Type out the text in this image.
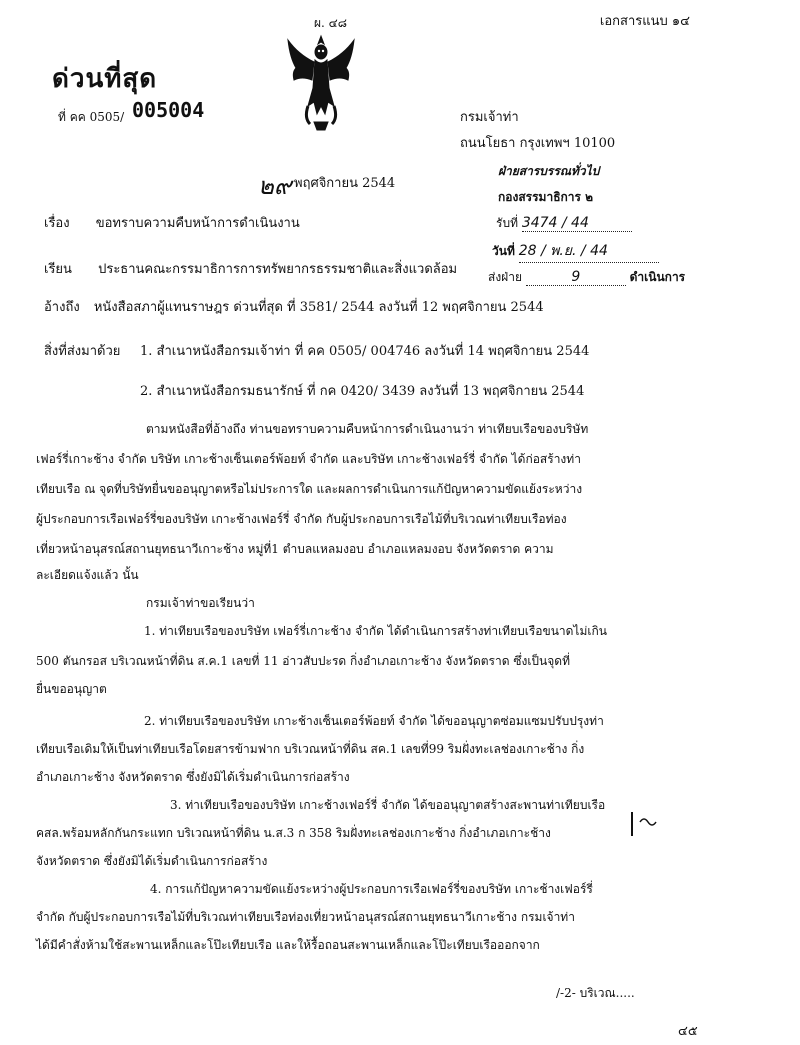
เอกสารแนบ ๑๔
ผ. ๔๘
ด่วนที่สุด
ที่ คค 0505/ 005004	กรมเจ้าท่า
ถนนโยธา กรุงเทพฯ 10100
๒๙ พฤศจิกายน 2544
ฝ่ายสารบรรณทั่วไป
กองสรรมาธิการ ๒
รับที่ 3474 / 44
วันที่ 28 / พ.ย. / 44
ส่งฝ่าย	9	ดำเนินการ
เรื่อง ขอทราบความคืบหน้าการดำเนินงาน
เรียน ประธานคณะกรรมาธิการการทรัพยากรธรรมชาติและสิ่งแวดล้อม
อ้างถึง หนังสือสภาผู้แทนราษฎร ด่วนที่สุด ที่ 3581/ 2544 ลงวันที่ 12 พฤศจิกายน 2544
สิ่งที่ส่งมาด้วย 1. สำเนาหนังสือกรมเจ้าท่า ที่ คค 0505/ 004746 ลงวันที่ 14 พฤศจิกายน 2544
2. สำเนาหนังสือกรมธนารักษ์ ที่ กค 0420/ 3439 ลงวันที่ 13 พฤศจิกายน 2544
ตามหนังสือที่อ้างถึง ท่านขอทราบความคืบหน้าการดำเนินงานว่า ท่าเทียบเรือของบริษัท
เฟอร์รี่เกาะช้าง จำกัด บริษัท เกาะช้างเซ็นเตอร์พ้อยท์ จำกัด และบริษัท เกาะช้างเฟอร์รี่ จำกัด ได้ก่อสร้างท่า
เทียบเรือ ณ จุดที่บริษัทยื่นขออนุญาตหรือไม่ประการใด และผลการดำเนินการแก้ปัญหาความขัดแย้งระหว่าง
ผู้ประกอบการเรือเฟอร์รี่ของบริษัท เกาะช้างเฟอร์รี่ จำกัด กับผู้ประกอบการเรือไม้ที่บริเวณท่าเทียบเรือท่อง
เที่ยวหน้าอนุสรณ์สถานยุทธนาวีเกาะช้าง หมู่ที่1 ตำบลแหลมงอบ อำเภอแหลมงอบ จังหวัดตราด ความ
ละเอียดแจ้งแล้ว นั้น
กรมเจ้าท่าขอเรียนว่า
1. ท่าเทียบเรือของบริษัท เฟอร์รี่เกาะช้าง จำกัด ได้ดำเนินการสร้างท่าเทียบเรือขนาดไม่เกิน
500 ตันกรอส บริเวณหน้าที่ดิน ส.ค.1 เลขที่ 11 อ่าวสับปะรด กิ่งอำเภอเกาะช้าง จังหวัดตราด ซึ่งเป็นจุดที่
ยื่นขออนุญาต
2. ท่าเทียบเรือของบริษัท เกาะช้างเซ็นเตอร์พ้อยท์ จำกัด ได้ขออนุญาตซ่อมแซมปรับปรุงท่า
เทียบเรือเดิมให้เป็นท่าเทียบเรือโดยสารข้ามฟาก บริเวณหน้าที่ดิน สค.1 เลขที่99 ริมฝั่งทะเลช่องเกาะช้าง กิ่ง
อำเภอเกาะช้าง จังหวัดตราด ซึ่งยังมิได้เริ่มดำเนินการก่อสร้าง
3. ท่าเทียบเรือของบริษัท เกาะช้างเฟอร์รี่ จำกัด ได้ขออนุญาตสร้างสะพานท่าเทียบเรือ
คสล.พร้อมหลักกันกระแทก บริเวณหน้าที่ดิน น.ส.3 ก 358 ริมฝั่งทะเลช่องเกาะช้าง กิ่งอำเภอเกาะช้าง
จังหวัดตราด ซึ่งยังมิได้เริ่มดำเนินการก่อสร้าง
4. การแก้ปัญหาความขัดแย้งระหว่างผู้ประกอบการเรือเฟอร์รี่ของบริษัท เกาะช้างเฟอร์รี่
จำกัด กับผู้ประกอบการเรือไม้ที่บริเวณท่าเทียบเรือท่องเที่ยวหน้าอนุสรณ์สถานยุทธนาวีเกาะช้าง กรมเจ้าท่า
ได้มีคำสั่งห้ามใช้สะพานเหล็กและโป๊ะเทียบเรือ และให้รื้อถอนสะพานเหล็กและโป๊ะเทียบเรือออกจาก
/-2- บริเวณ.....
๔๕
